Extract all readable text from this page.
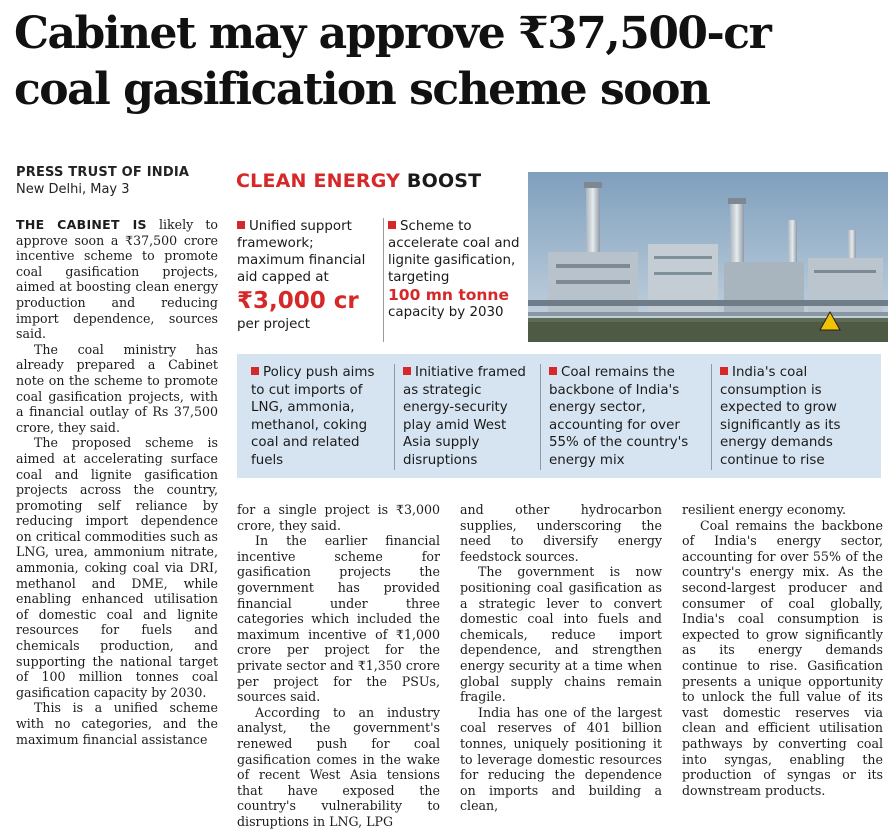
Cabinet may approve ₹37,500-cr
coal gasification scheme soon
PRESS TRUST OF INDIA
New Delhi, May 3

THE CABINET IS likely to approve soon a ₹37,500 crore incentive scheme to promote coal gasification projects, aimed at boosting clean energy production and reducing import dependence, sources said.

The coal ministry has already prepared a Cabinet note on the scheme to promote coal gasification projects, with a financial outlay of Rs 37,500 crore, they said.

The proposed scheme is aimed at accelerating surface coal and lignite gasification projects across the country, promoting self reliance by reducing import dependence on critical commodities such as LNG, urea, ammonium nitrate, ammonia, coking coal via DRI, methanol and DME, while enabling enhanced utilisation of domestic coal and lignite resources for fuels and chemicals production, and supporting the national target of 100 million tonnes coal gasification capacity by 2030.

This is a unified scheme with no categories, and the maximum financial assistance

CLEAN ENERGY BOOST
Unified support framework; maximum financial aid capped at
₹3,000 cr
per project
Scheme to accelerate coal and lignite gasification, targeting
100 mn tonne
capacity by 2030
Policy push aims to cut imports of LNG, ammonia, methanol, coking coal and related fuels
Initiative framed as strategic energy-security play amid West Asia supply disruptions
Coal remains the backbone of India's energy sector, accounting for over 55% of the country's energy mix
India's coal consumption is expected to grow significantly as its energy demands continue to rise

for a single project is ₹3,000 crore, they said.

In the earlier financial incentive scheme for gasification projects the government has provided financial under three categories which included the maximum incentive of ₹1,000 crore per project for the private sector and ₹1,350 crore per project for the PSUs, sources said.

According to an industry analyst, the government's renewed push for coal gasification comes in the wake of recent West Asia tensions that have exposed the country's vulnerability to disruptions in LNG, LPG

and other hydrocarbon supplies, underscoring the need to diversify energy feedstock sources.

The government is now positioning coal gasification as a strategic lever to convert domestic coal into fuels and chemicals, reduce import dependence, and strengthen energy security at a time when global supply chains remain fragile.

India has one of the largest coal reserves of 401 billion tonnes, uniquely positioning it to leverage domestic resources for reducing the dependence on imports and building a clean,

resilient energy economy.

Coal remains the backbone of India's energy sector, accounting for over 55% of the country's energy mix. As the second-largest producer and consumer of coal globally, India's coal consumption is expected to grow significantly as its energy demands continue to rise. Gasification presents a unique opportunity to unlock the full value of its vast domestic reserves via clean and efficient utilisation pathways by converting coal into syngas, enabling the production of syngas or its downstream products.
